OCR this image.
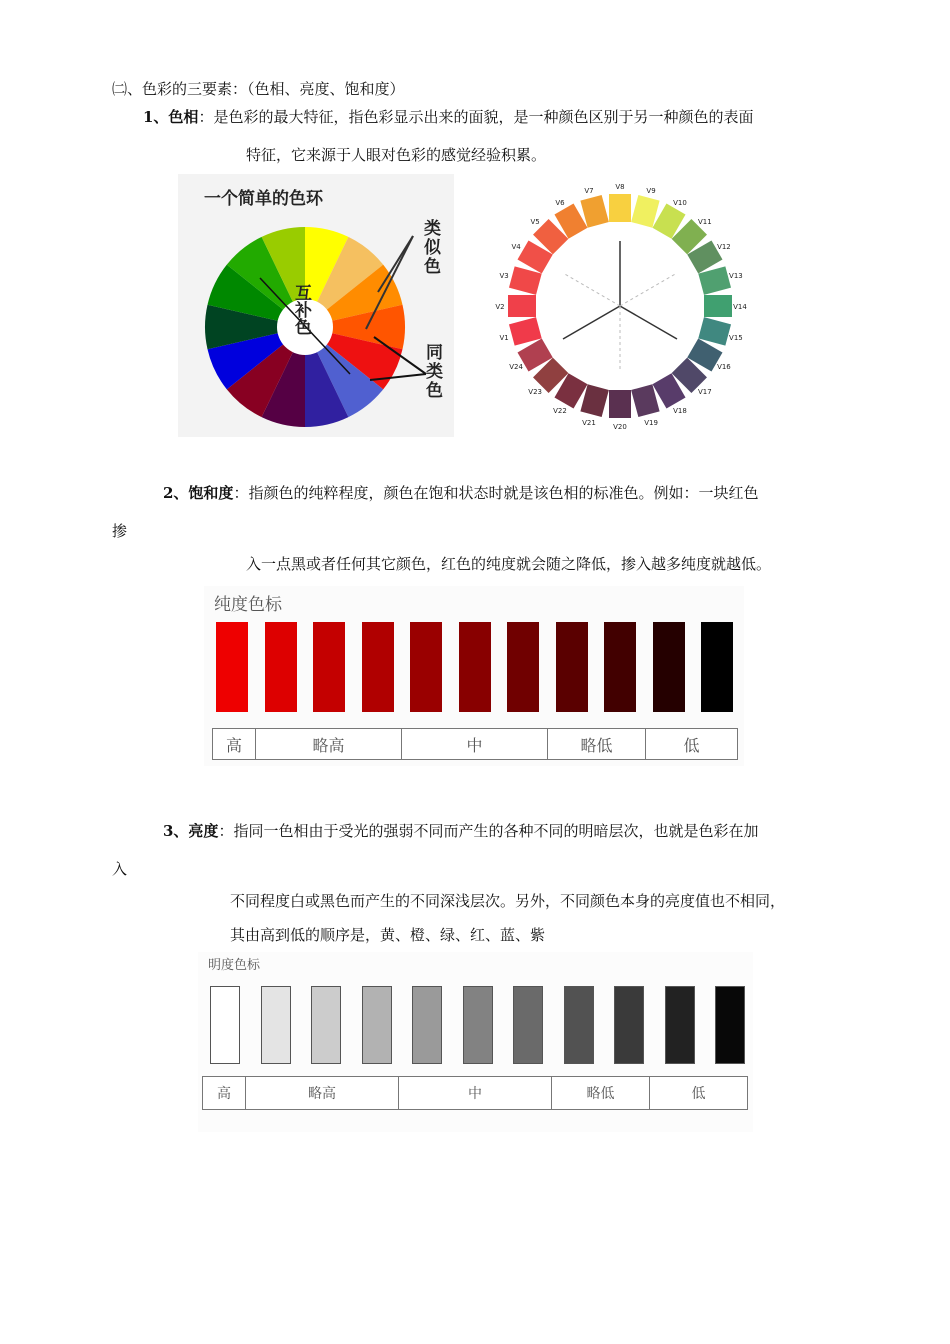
㈡、色彩的三要素：（色相、亮度、饱和度）
1、色相：是色彩的最大特征，指色彩显示出来的面貌，是一种颜色区别于另一种颜色的表面
特征，它来源于人眼对色彩的感觉经验积累。
一个简单的色环
类似色
互补色
同类色
V1
V2
V3
V4
V5
V6
V7
V8
V9
V10
V11
V12
V13
V14
V15
V16
V17
V18
V19
V20
V21
V22
V23
V24
2、饱和度：指颜色的纯粹程度，颜色在饱和状态时就是该色相的标准色。例如：一块红色
掺
入一点黑或者任何其它颜色，红色的纯度就会随之降低，掺入越多纯度就越低。
纯度色标
高	略高	中	略低	低
3、亮度：指同一色相由于受光的强弱不同而产生的各种不同的明暗层次，也就是色彩在加
入
不同程度白或黑色而产生的不同深浅层次。另外，不同颜色本身的亮度值也不相同，
其由高到低的顺序是，黄、橙、绿、红、蓝、紫
明度色标
高	略高	中	略低	低
